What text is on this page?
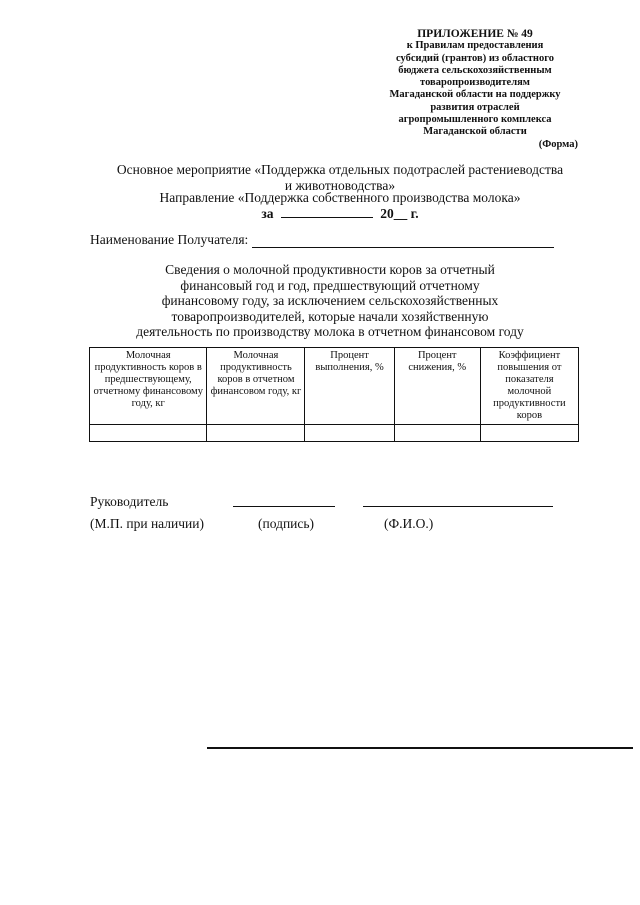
ПРИЛОЖЕНИЕ № 49
к Правилам предоставления
субсидий (грантов) из областного
бюджета сельскохозяйственным
товаропроизводителям
Магаданской области на поддержку
развития отраслей
агропромышленного комплекса
Магаданской области
(Форма)
Основное мероприятие «Поддержка отдельных подотраслей растениеводства
и животноводства»
Направление «Поддержка собственного производства молока»
за	20__ г.
Наименование Получателя:
Сведения о молочной продуктивности коров за отчетный
финансовый год и год, предшествующий отчетному
финансовому году, за исключением сельскохозяйственных
товаропроизводителей, которые начали хозяйственную
деятельность по производству молока в отчетном финансовом году
Молочная продуктивность коров в предшествующему, отчетному финансовому году, кг	Молочная продуктивность коров в отчетном финансовом году, кг	Процент выполнения, %	Процент снижения, %	Коэффициент повышения от показателя молочной продуктивности коров

Руководитель
(М.П. при наличии)	(подпись)	(Ф.И.О.)
